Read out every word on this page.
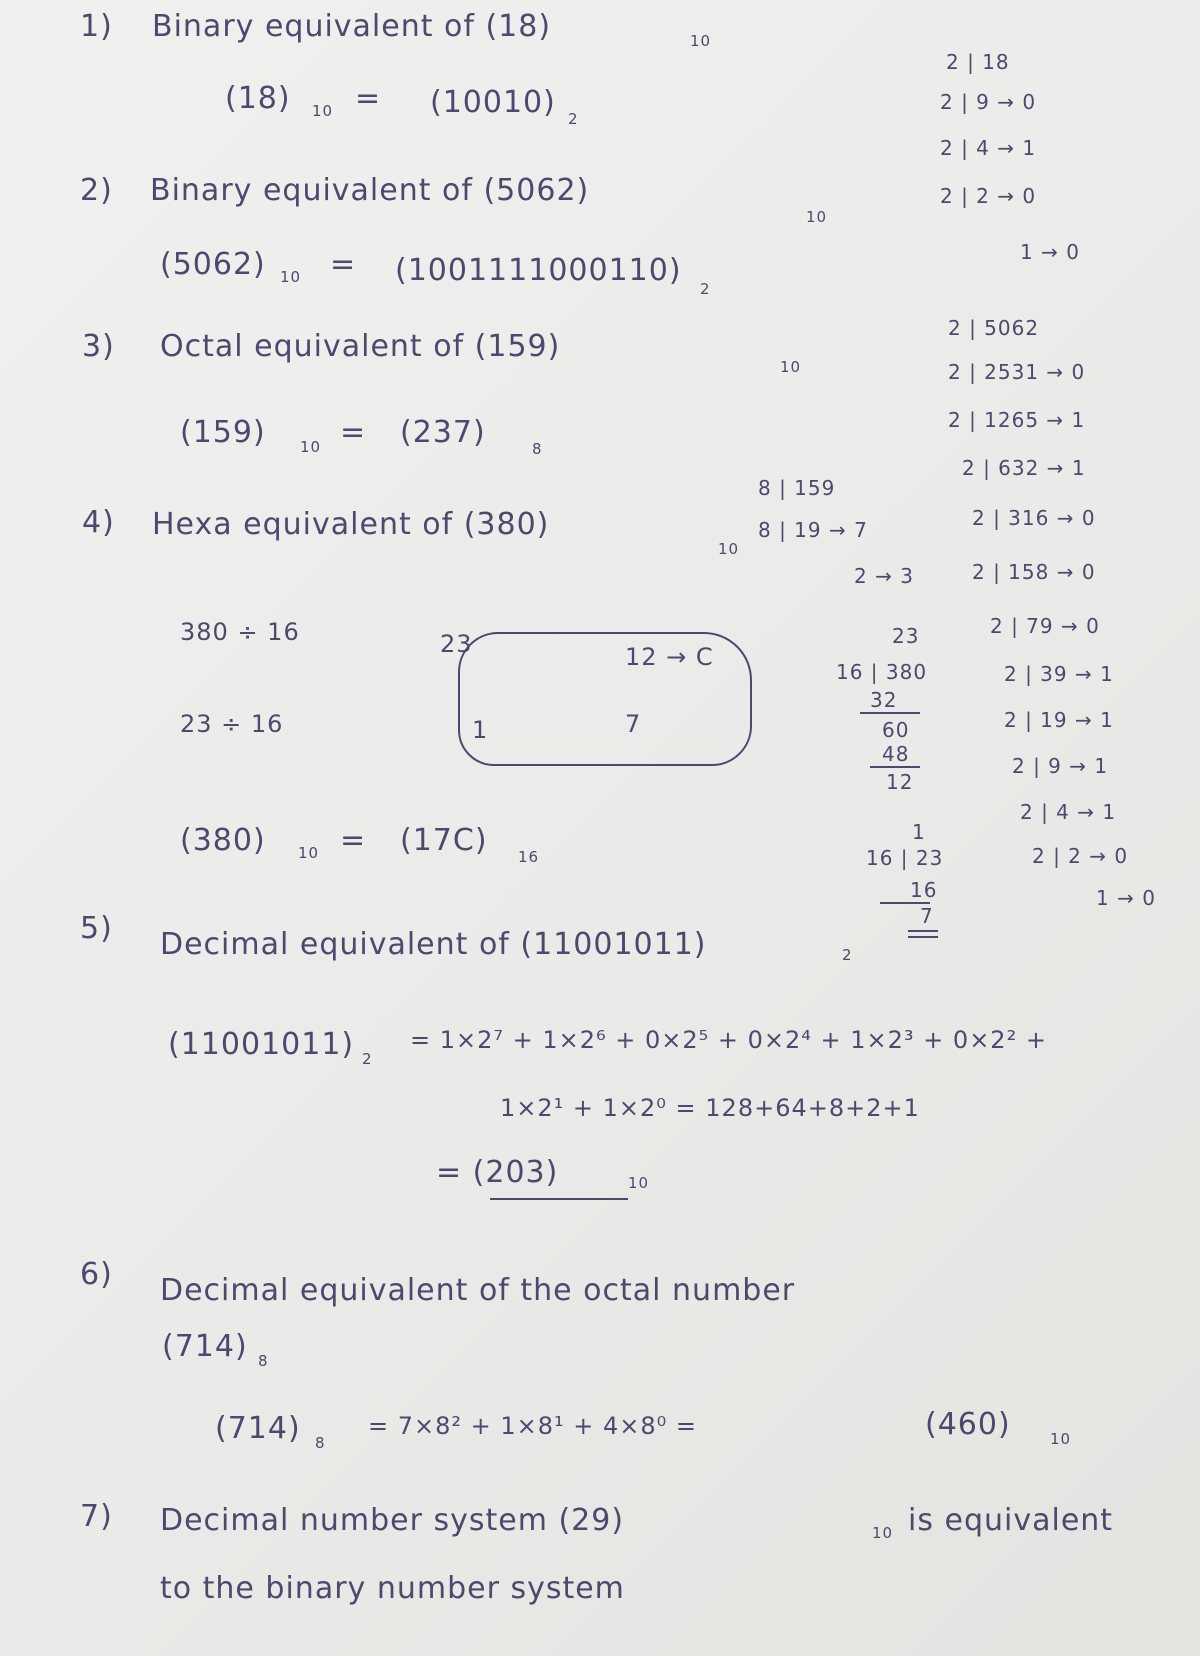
1) Binary equivalent of (18)	10
(18) 10 = (10010) 2
2) Binary equivalent of (5062)
10
(5062) 10 = (1001111000110)
2
3) Octal equivalent of (159)
10
(159) 10 = (237)	8
4) Hexa equivalent of (380)
10
380 ÷ 16	23	12 → C
23 ÷ 16	1	7
(380) 10 = (17C) 16
5) Decimal equivalent of (11001011)	2
(11001011) 2
= 1×2⁷ + 1×2⁶ + 0×2⁵ + 0×2⁴ + 1×2³ + 0×2² +
1×2¹ + 1×2⁰ = 128+64+8+2+1
= (203)	10
6) Decimal equivalent of the octal number
(714) 8
(714) 8
= 7×8² + 1×8¹ + 4×8⁰ =	(460)	10
7) Decimal number system (29)	10 is equivalent
to the binary number system
2 | 18
2 | 9 → 0
2 | 4 → 1
2 | 2 → 0
1 → 0
2 | 5062
2 | 2531 → 0
2 | 1265 → 1
2 | 632 → 1
2 | 316 → 0
2 | 158 → 0
2 | 79 → 0
2 | 39 → 1
2 | 19 → 1
2 | 9 → 1
2 | 4 → 1
2 | 2 → 0
1 → 0
8 | 159
8 | 19 → 7
2 → 3
23
16 | 380
32
60
48
12
1
16 | 23
16
7
